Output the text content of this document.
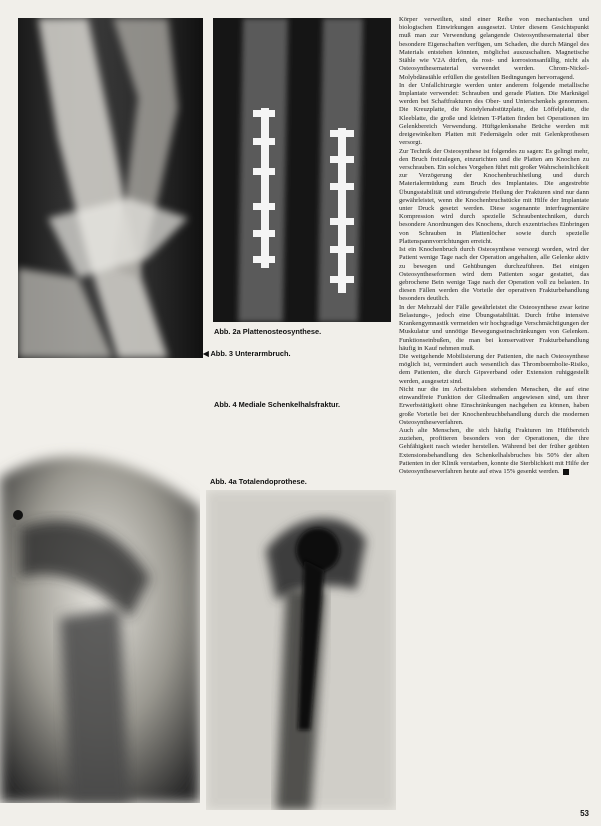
Abb. 2a Plattenosteosynthese.
◀ Abb. 3 Unterarmbruch.
Abb. 4 Mediale Schenkelhalsfraktur.
Abb. 4a Totalendoprothese.

Körper verweilten, sind einer Reihe von mechanischen und biologischen Einwirkungen ausgesetzt. Unter diesem Gesichtspunkt muß man zur Verwendung gelangende Osteosynthesematerial über besondere Eigenschaften verfügen, um Schaden, die durch Mängel des Materials entstehen könnten, möglichst auszuschalten. Magnetische Stähle wie V2A dürfen, da rost- und korrosionsanfällig, nicht als Osteosynthesematerial verwendet werden. Chrom-Nickel-Molybdänstähle erfüllen die gestellten Bedingungen hervorragend.

In der Unfallchirurgie werden unter anderem folgende metallische Implantate verwendet: Schrauben und gerade Platten. Die Marknägel werden bei Schaftfrakturen des Ober- und Unterschenkels genommen. Die Kreuzplatte, die Kondylenabstützplatte, die Löffelplatte, die Kleeblatte, die große und kleinen T-Platten finden bei Operationen im Gelenkbereich Verwendung. Hüftgelenksnahe Brüche werden mit dreigewinkelten Platten mit Federnägeln oder mit Gelenkprothesen versorgt.

Zur Technik der Osteosynthese ist folgendes zu sagen: Es gelingt mehr, den Bruch freizulegen, einzurichten und die Platten am Knochen zu verschrauben. Ein solches Vorgehen führt mit großer Wahrscheinlichkeit zur Verzögerung der Knochenbruchheilung und durch Materialermüdung zum Bruch des Implantates. Die angestrebte Übungsstabilität und störungsfreie Heilung der Frakturen sind nur dann gewährleistet, wenn die Knochenbruchstücke mit Hilfe der Implantate unter Druck gesetzt werden. Diese sogenannte interfragmentäre Kompression wird durch spezielle Schraubentechniken, durch besondere Anordnungen des Knochens, durch exzentrisches Einbringen von Schrauben in Plattenlöcher sowie durch spezielle Plattenspannvorrichtungen erreicht.

Ist ein Knochenbruch durch Osteosynthese versorgt worden, wird der Patient wenige Tage nach der Operation angehalten, alle Gelenke aktiv zu bewegen und Gehübungen durchzuführen. Bei einigen Osteosyntheseformen wird dem Patienten sogar gestattet, das gebrochene Bein wenige Tage nach der Operation voll zu belasten. In diesen Fällen werden die Vorteile der operativen Frakturbehandlung besonders deutlich.

In der Mehrzahl der Fälle gewährleistet die Osteosynthese zwar keine Belastungs-, jedoch eine Übungsstabilität. Durch frühe intensive Krankengymnastik vermeiden wir hochgradige Verschmächtigungen der Muskulatur und unnötige Bewegungseinschränkungen von Gelenken. Funktionseinbußen, die man bei konservativer Frakturbehandlung häufig in Kauf nehmen muß.

Die weitgehende Mobilisierung der Patienten, die nach Osteosynthese möglich ist, vermindert auch wesentlich das Thromboembolie-Risiko, dem Patienten, die durch Gipsverband oder Extension ruhiggestellt werden, ausgesetzt sind.

Nicht nur die im Arbeitsleben stehenden Menschen, die auf eine einwandfreie Funktion der Gliedmaßen angewiesen sind, um ihrer Erwerbstätigkeit ohne Einschränkungen nachgehen zu können, haben große Vorteile bei der Knochenbruchbehandlung durch die modernen Osteosyntheseverfahren.

Auch alte Menschen, die sich häufig Frakturen im Hüftbereich zuziehen, profitieren besonders von der Operationen, die ihre Gehfähigkeit rasch wieder herstellen. Während bei der früher geübten Extensionsbehandlung des Schenkelhalsbruches bis 50% der alten Patienten in der Klinik verstarben, konnte die Sterblichkeit mit Hilfe der Osteosyntheseverfahren heute auf etwa 15% gesenkt werden.

53
